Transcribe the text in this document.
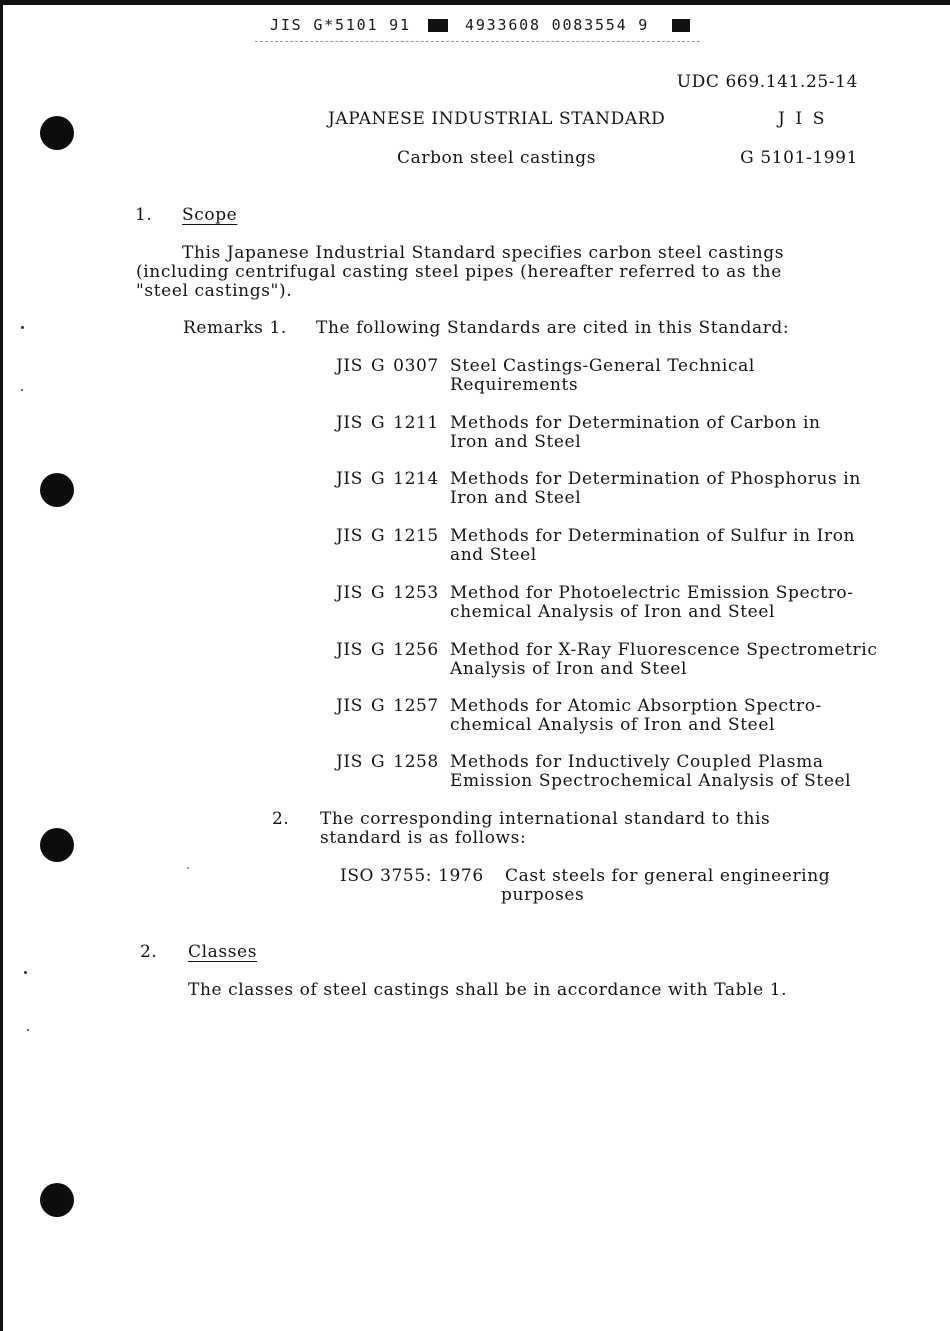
JIS G*5101 91	4933608 0083554 9
UDC 669.141.25-14
JAPANESE INDUSTRIAL STANDARD	J I S
Carbon steel castings	G 5101-1991
1. Scope
This Japanese Industrial Standard specifies carbon steel castings
(including centrifugal casting steel pipes (hereafter referred to as the
"steel castings").
Remarks 1. The following Standards are cited in this Standard:
JIS G 0307 Steel Castings-General Technical
Requirements
JIS G 1211 Methods for Determination of Carbon in
Iron and Steel
JIS G 1214 Methods for Determination of Phosphorus in
Iron and Steel
JIS G 1215 Methods for Determination of Sulfur in Iron
and Steel
JIS G 1253 Method for Photoelectric Emission Spectro-
chemical Analysis of Iron and Steel
JIS G 1256 Method for X-Ray Fluorescence Spectrometric
Analysis of Iron and Steel
JIS G 1257 Methods for Atomic Absorption Spectro-
chemical Analysis of Iron and Steel
JIS G 1258 Methods for Inductively Coupled Plasma
Emission Spectrochemical Analysis of Steel
2. The corresponding international standard to this
standard is as follows:
ISO 3755: 1976 Cast steels for general engineering
purposes
2. Classes
The classes of steel castings shall be in accordance with Table 1.
